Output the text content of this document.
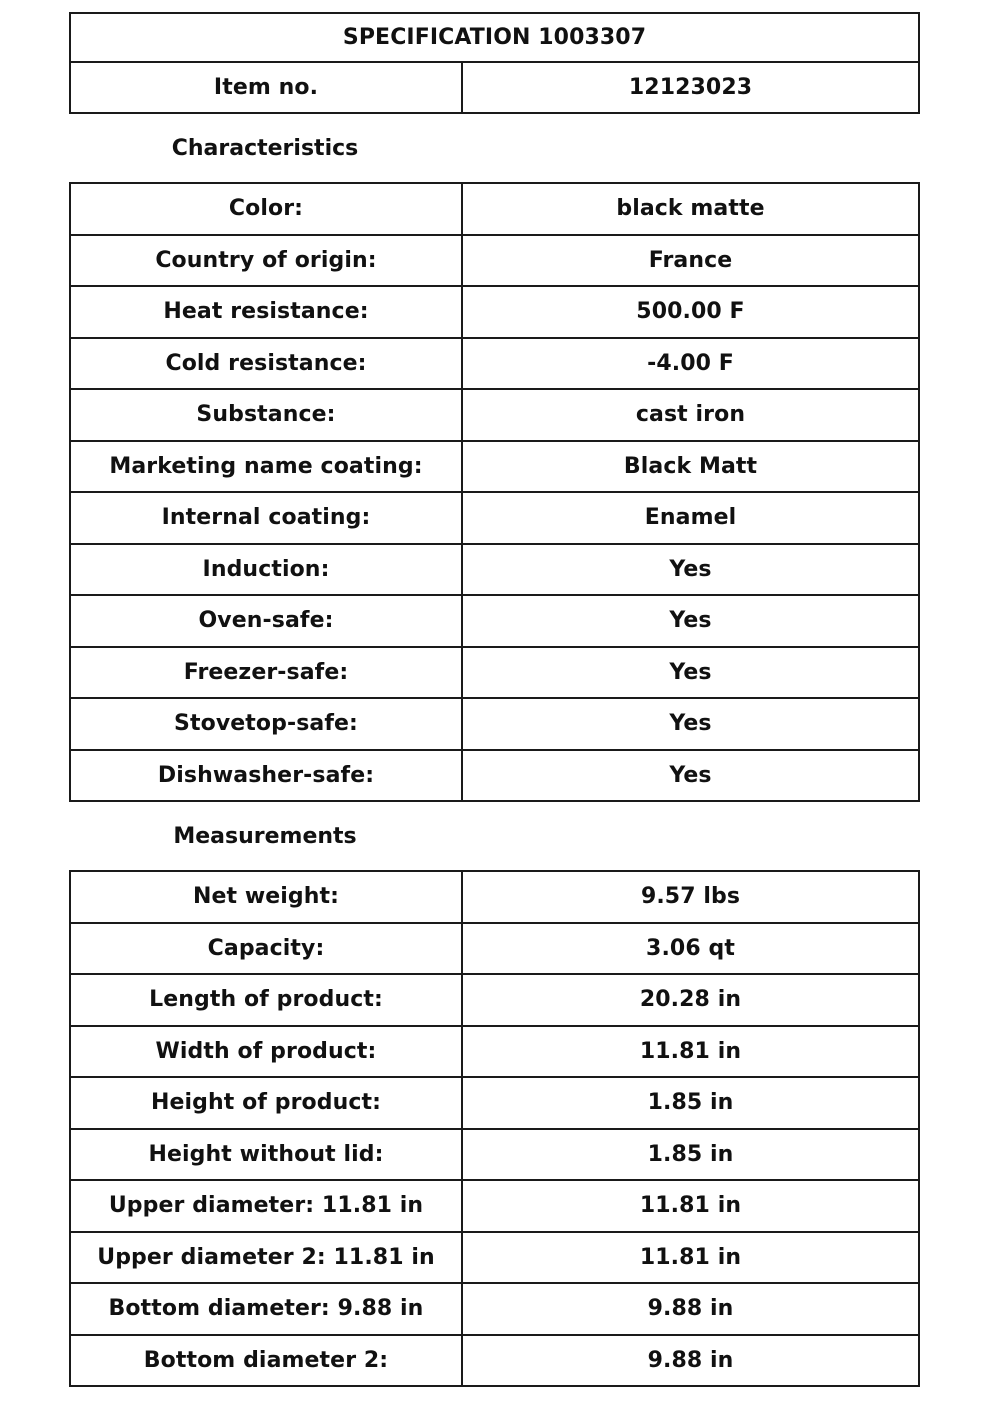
SPECIFICATION 1003307
Item no.	12123023
Characteristics
Color:	black matte
Country of origin:	France
Heat resistance:	500.00 F
Cold resistance:	-4.00 F
Substance:	cast iron
Marketing name coating:	Black Matt
Internal coating:	Enamel
Induction:	Yes
Oven-safe:	Yes
Freezer-safe:	Yes
Stovetop-safe:	Yes
Dishwasher-safe:	Yes
Measurements
Net weight:	9.57 lbs
Capacity:	3.06 qt
Length of product:	20.28 in
Width of product:	11.81 in
Height of product:	1.85 in
Height without lid:	1.85 in
Upper diameter: 11.81 in	11.81 in
Upper diameter 2: 11.81 in	11.81 in
Bottom diameter: 9.88 in	9.88 in
Bottom diameter 2:	9.88 in
